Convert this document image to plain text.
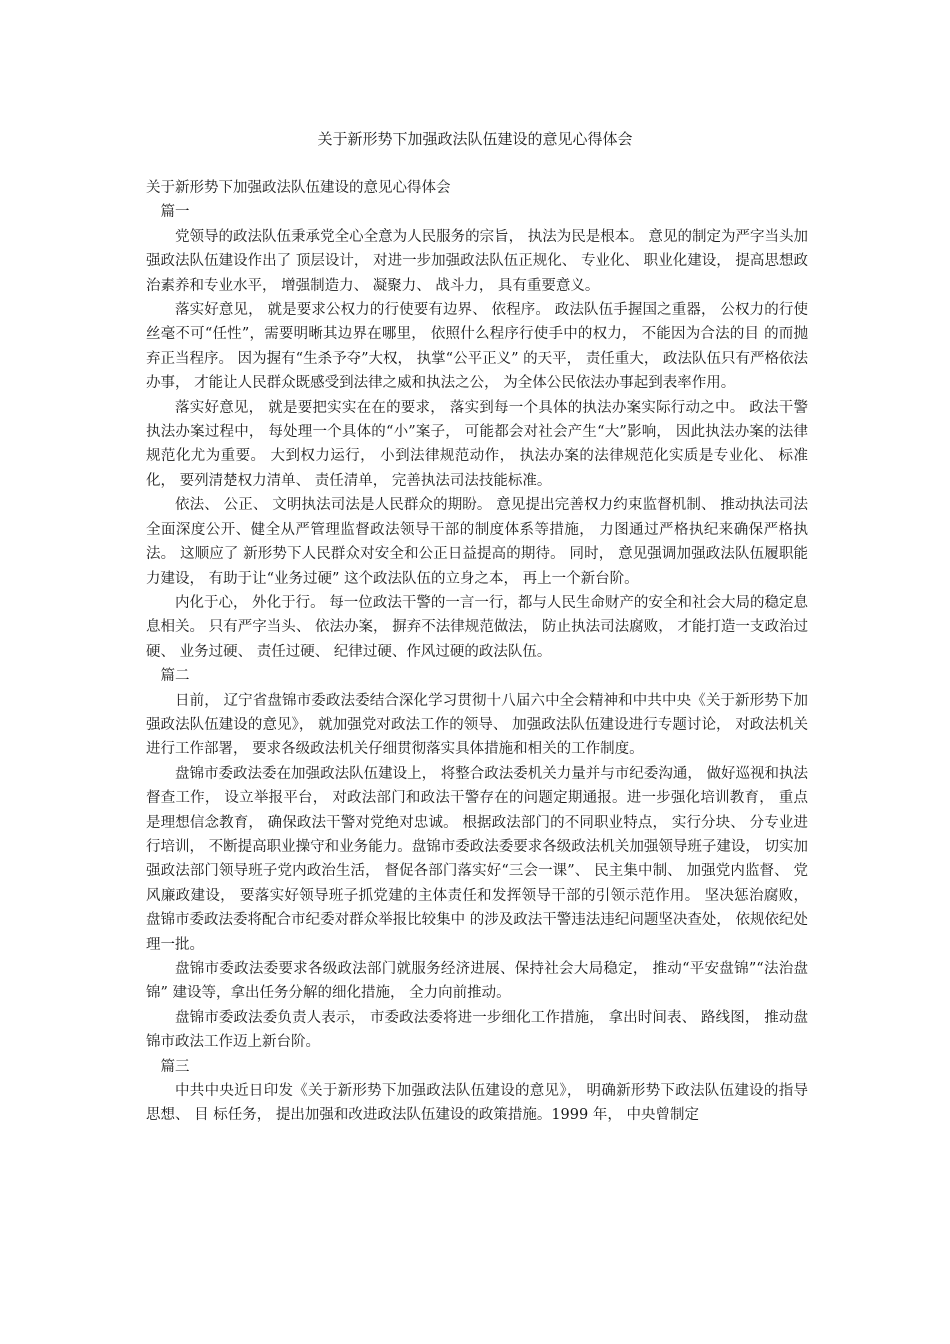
关于新形势下加强政法队伍建设的意见心得体会

关于新形势下加强政法队伍建设的意见心得体会

篇一

党领导的政法队伍秉承党全心全意为人民服务的宗旨， 执法为民是根本。 意见的制定为严字当头加强政法队伍建设作出了 顶层设计， 对进一步加强政法队伍正规化、 专业化、 职业化建设， 提高思想政治素养和专业水平， 增强制造力、 凝聚力、 战斗力， 具有重要意义。

落实好意见， 就是要求公权力的行使要有边界、 依程序。 政法队伍手握国之重器， 公权力的行使丝毫不可“任性”，需要明晰其边界在哪里， 依照什么程序行使手中的权力， 不能因为合法的目 的而抛弃正当程序。 因为握有“生杀予夺”大权， 执掌“公平正义” 的天平， 责任重大， 政法队伍只有严格依法办事， 才能让人民群众既感受到法律之威和执法之公， 为全体公民依法办事起到表率作用。

落实好意见， 就是要把实实在在的要求， 落实到每一个具体的执法办案实际行动之中。 政法干警执法办案过程中， 每处理一个具体的“小”案子， 可能都会对社会产生“大”影响， 因此执法办案的法律规范化尤为重要。 大到权力运行， 小到法律规范动作， 执法办案的法律规范化实质是专业化、 标准化， 要列清楚权力清单、 责任清单， 完善执法司法技能标准。

依法、 公正、 文明执法司法是人民群众的期盼。 意见提出完善权力约束监督机制、 推动执法司法全面深度公开、健全从严管理监督政法领导干部的制度体系等措施， 力图通过严格执纪来确保严格执法。 这顺应了 新形势下人民群众对安全和公正日益提高的期待。 同时， 意见强调加强政法队伍履职能力建设， 有助于让“业务过硬” 这个政法队伍的立身之本， 再上一个新台阶。

内化于心， 外化于行。 每一位政法干警的一言一行，都与人民生命财产的安全和社会大局的稳定息息相关。 只有严字当头、 依法办案， 摒弃不法律规范做法， 防止执法司法腐败， 才能打造一支政治过硬、 业务过硬、 责任过硬、 纪律过硬、作风过硬的政法队伍。

篇二

日前， 辽宁省盘锦市委政法委结合深化学习贯彻十八届六中全会精神和中共中央《关于新形势下加强政法队伍建设的意见》， 就加强党对政法工作的领导、 加强政法队伍建设进行专题讨论， 对政法机关进行工作部署， 要求各级政法机关仔细贯彻落实具体措施和相关的工作制度。

盘锦市委政法委在加强政法队伍建设上， 将整合政法委机关力量并与市纪委沟通， 做好巡视和执法督查工作， 设立举报平台， 对政法部门和政法干警存在的问题定期通报。进一步强化培训教育， 重点是理想信念教育， 确保政法干警对党绝对忠诚。 根据政法部门的不同职业特点， 实行分块、 分专业进行培训， 不断提高职业操守和业务能力。盘锦市委政法委要求各级政法机关加强领导班子建设， 切实加强政法部门领导班子党内政治生活， 督促各部门落实好“三会一课”、 民主集中制、 加强党内监督、 党风廉政建设， 要落实好领导班子抓党建的主体责任和发挥领导干部的引领示范作用。 坚决惩治腐败， 盘锦市委政法委将配合市纪委对群众举报比较集中 的涉及政法干警违法违纪问题坚决查处， 依规依纪处理一批。

盘锦市委政法委要求各级政法部门就服务经济进展、保持社会大局稳定， 推动“平安盘锦”“法治盘锦” 建设等，拿出任务分解的细化措施， 全力向前推动。

盘锦市委政法委负责人表示， 市委政法委将进一步细化工作措施， 拿出时间表、 路线图， 推动盘锦市政法工作迈上新台阶。

篇三

中共中央近日印发《关于新形势下加强政法队伍建设的意见》， 明确新形势下政法队伍建设的指导思想、 目 标任务， 提出加强和改进政法队伍建设的政策措施。1999 年， 中央曾制定
